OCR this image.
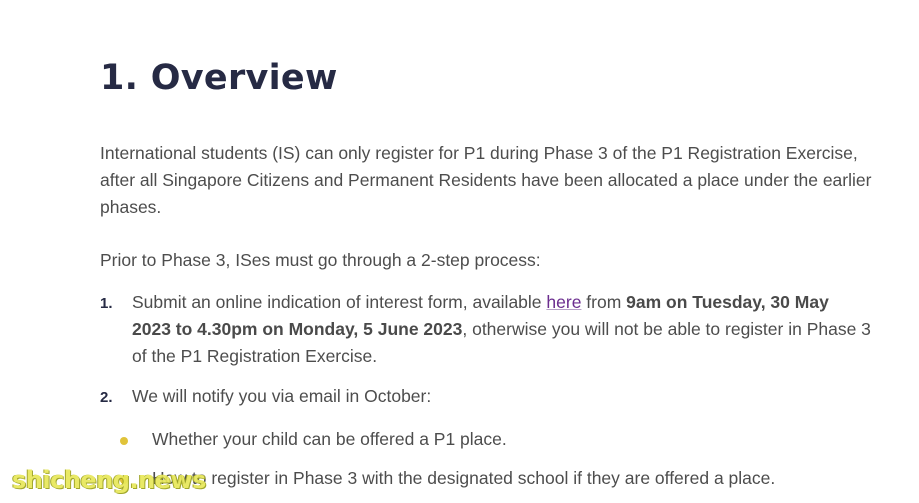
1. Overview

International students (IS) can only register for P1 during Phase 3 of the P1 Registration Exercise, after all Singapore Citizens and Permanent Residents have been allocated a place under the earlier phases.

Prior to Phase 3, ISes must go through a 2-step process:

1. Submit an online indication of interest form, available here from 9am on Tuesday, 30 May 2023 to 4.30pm on Monday, 5 June 2023, otherwise you will not be able to register in Phase 3 of the P1 Registration Exercise.
2. We will notify you via email in October:
Whether your child can be offered a P1 place.
How to register in Phase 3 with the designated school if they are offered a place.
shicheng.news
